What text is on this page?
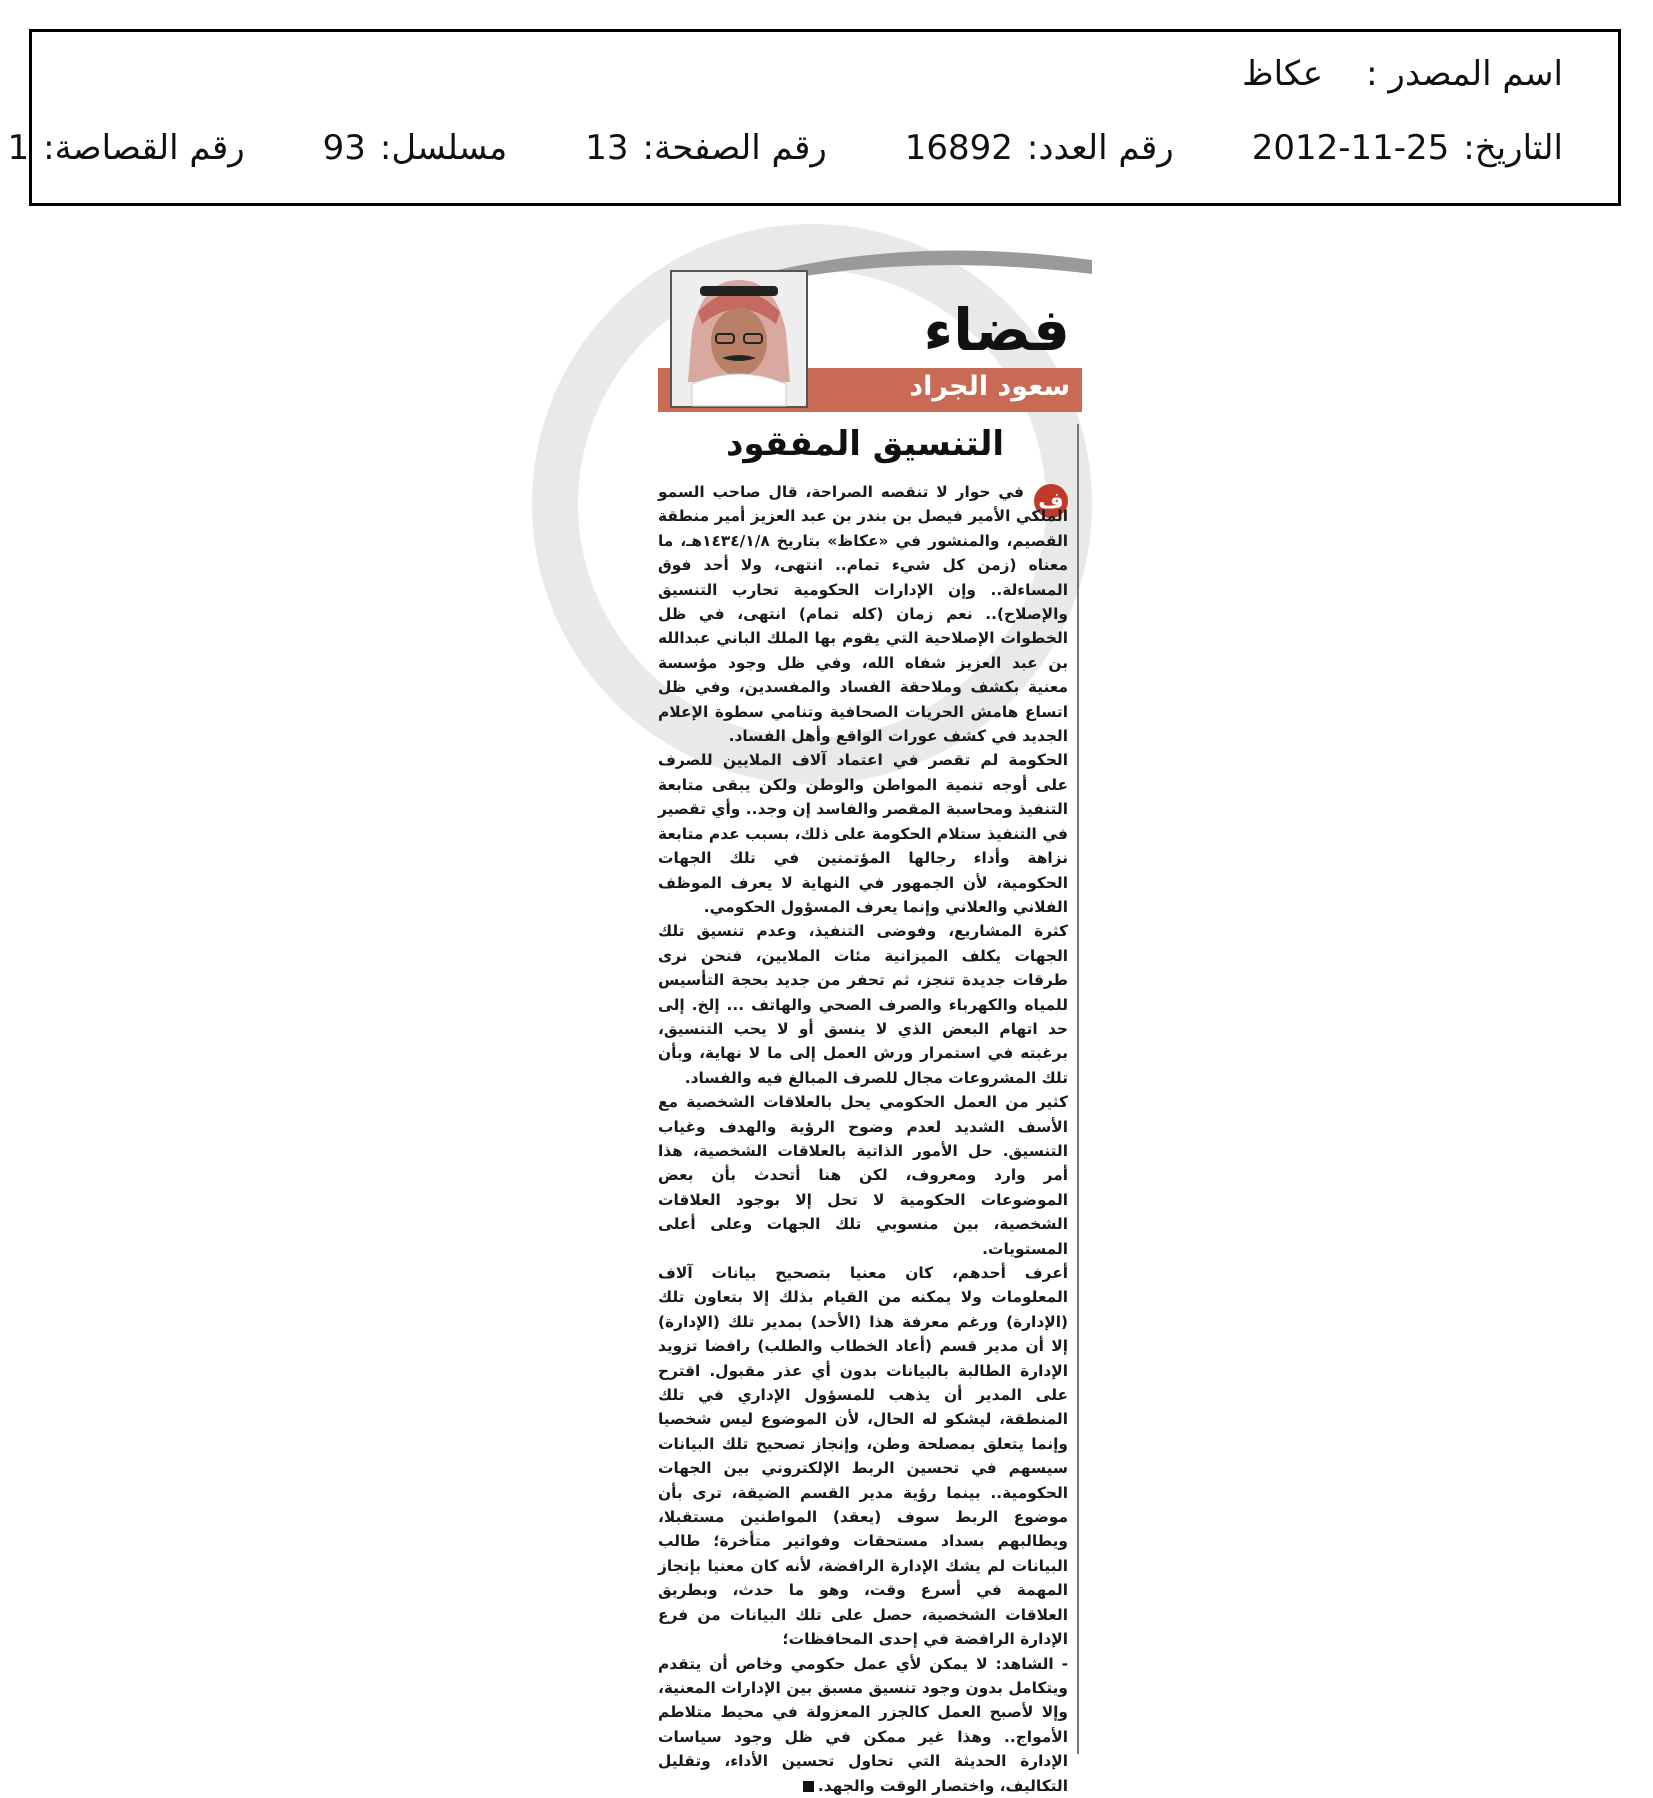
اسم المصدر :
عكاظ
التاريخ:
2012-11-25
رقم العدد:
16892
رقم الصفحة:
13
مسلسل:
93
رقم القصاصة:
1
فضاء
سعود الجراد
التنسيق المفقود
ف

في حوار لا تنقصه الصراحة، قال صاحب السمو الملكي الأمير فيصل بن بندر بن عبد العزيز أمير منطقة القصيم، والمنشور في «عكاظ» بتاريخ ١٤٣٤/١/٨هـ، ما معناه (زمن كل شيء تمام.. انتهى، ولا أحد فوق المساءلة.. وإن الإدارات الحكومية تحارب التنسيق والإصلاح).. نعم زمان (كله تمام) انتهى، في ظل الخطوات الإصلاحية التي يقوم بها الملك الباني عبدالله بن عبد العزيز شفاه الله، وفي ظل وجود مؤسسة معنية بكشف وملاحقة الفساد والمفسدين، وفي ظل اتساع هامش الحريات الصحافية وتنامي سطوة الإعلام الجديد في كشف عورات الواقع وأهل الفساد.

الحكومة لم تقصر في اعتماد آلاف الملايين للصرف على أوجه تنمية المواطن والوطن ولكن يبقى متابعة التنفيذ ومحاسبة المقصر والفاسد إن وجد.. وأي تقصير في التنفيذ ستلام الحكومة على ذلك، بسبب عدم متابعة نزاهة وأداء رجالها المؤتمنين في تلك الجهات الحكومية، لأن الجمهور في النهاية لا يعرف الموظف الفلاني والعلاني وإنما يعرف المسؤول الحكومي.

كثرة المشاريع، وفوضى التنفيذ، وعدم تنسيق تلك الجهات يكلف الميزانية مئات الملايين، فنحن نرى طرقات جديدة تنجز، ثم تحفر من جديد بحجة التأسيس للمياه والكهرباء والصرف الصحي والهاتف ... إلخ. إلى حد اتهام البعض الذي لا ينسق أو لا يحب التنسيق، برغبته في استمرار ورش العمل إلى ما لا نهاية، وبأن تلك المشروعات مجال للصرف المبالغ فيه والفساد.

كثير من العمل الحكومي يحل بالعلاقات الشخصية مع الأسف الشديد لعدم وضوح الرؤية والهدف وغياب التنسيق. حل الأمور الذاتية بالعلاقات الشخصية، هذا أمر وارد ومعروف، لكن هنا أتحدث بأن بعض الموضوعات الحكومية لا تحل إلا بوجود العلاقات الشخصية، بين منسوبي تلك الجهات وعلى أعلى المستويات.

أعرف أحدهم، كان معنيا بتصحيح بيانات آلاف المعلومات ولا يمكنه من القيام بذلك إلا بتعاون تلك (الإدارة) ورغم معرفة هذا (الأحد) بمدير تلك (الإدارة) إلا أن مدير قسم (أعاد الخطاب والطلب) رافضا تزويد الإدارة الطالبة بالبيانات بدون أي عذر مقبول. اقترح على المدير أن يذهب للمسؤول الإداري في تلك المنطقة، ليشكو له الحال، لأن الموضوع ليس شخصيا وإنما يتعلق بمصلحة وطن، وإنجاز تصحيح تلك البيانات سيسهم في تحسين الربط الإلكتروني بين الجهات الحكومية.. بينما رؤية مدير القسم الضيقة، ترى بأن موضوع الربط سوف (يعقد) المواطنين مستقبلا، ويطالبهم بسداد مستحقات وفواتير متأخرة؛ طالب البيانات لم يشك الإدارة الرافضة، لأنه كان معنيا بإنجاز المهمة في أسرع وقت، وهو ما حدث، وبطريق العلاقات الشخصية، حصل على تلك البيانات من فرع الإدارة الرافضة في إحدى المحافظات؛

- الشاهد: لا يمكن لأي عمل حكومي وخاص أن يتقدم ويتكامل بدون وجود تنسيق مسبق بين الإدارات المعنية، وإلا لأصبح العمل كالجزر المعزولة في محيط متلاطم الأمواج.. وهذا غير ممكن في ظل وجود سياسات الإدارة الحديثة التي تحاول تحسين الأداء، وتقليل التكاليف، واختصار الوقت والجهد.
